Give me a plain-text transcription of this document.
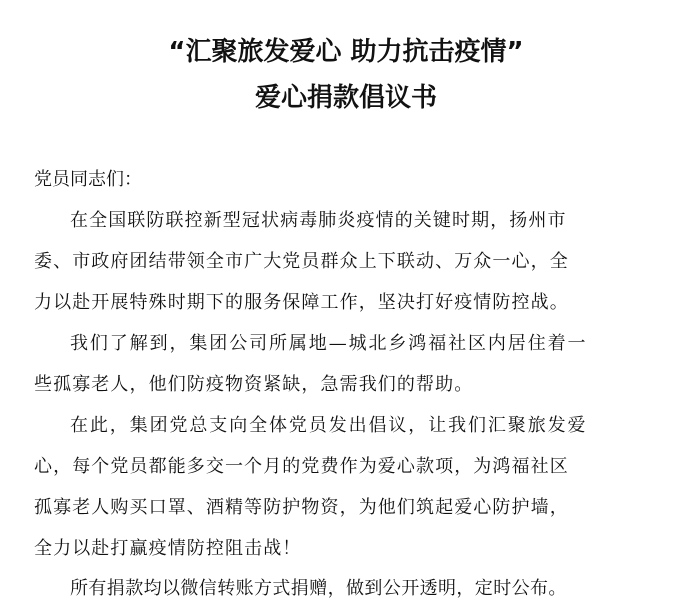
“汇聚旅发爱心 助力抗击疫情”
爱心捐款倡议书
党员同志们：
在全国联防联控新型冠状病毒肺炎疫情的关键时期，扬州市
委、市政府团结带领全市广大党员群众上下联动、万众一心，全
力以赴开展特殊时期下的服务保障工作，坚决打好疫情防控战。
我们了解到，集团公司所属地—城北乡鸿福社区内居住着一
些孤寡老人，他们防疫物资紧缺，急需我们的帮助。
在此，集团党总支向全体党员发出倡议，让我们汇聚旅发爱
心，每个党员都能多交一个月的党费作为爱心款项，为鸿福社区
孤寡老人购买口罩、酒精等防护物资，为他们筑起爱心防护墙，
全力以赴打赢疫情防控阻击战！
所有捐款均以微信转账方式捐赠，做到公开透明，定时公布。
